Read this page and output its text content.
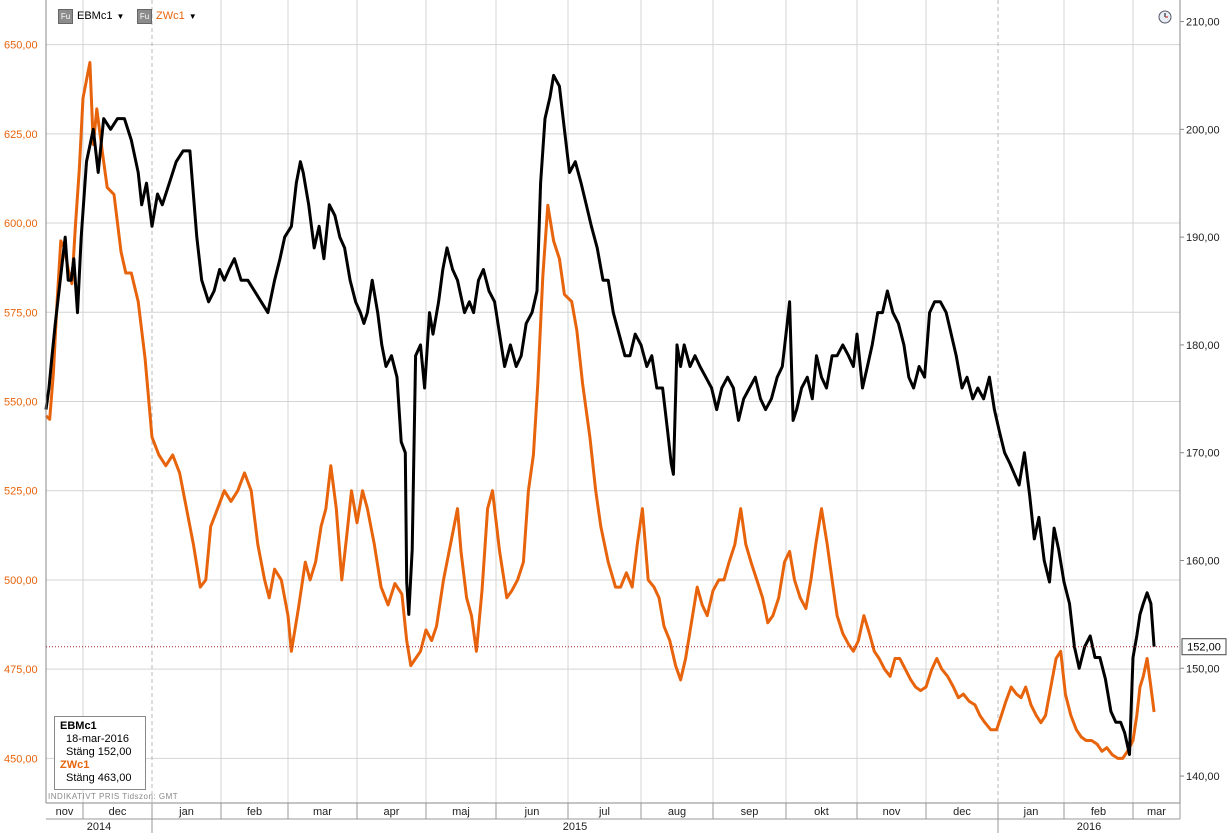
450,00
475,00
500,00
525,00
550,00
575,00
600,00
625,00
650,00
140,00
150,00
160,00
170,00
180,00
190,00
200,00
210,00
nov	dec	jan	feb	mar	apr	maj	jun	jul	aug	sep	okt	nov	dec	jan	feb	mar
2014	2015	2016
152,00
Fu EBMc1 ▼	Fu ZWc1 ▼
EBMc1
18-mar-2016
Stäng 152,00
ZWc1
Stäng 463,00
INDIKATIVT PRIS Tidszon: GMT
